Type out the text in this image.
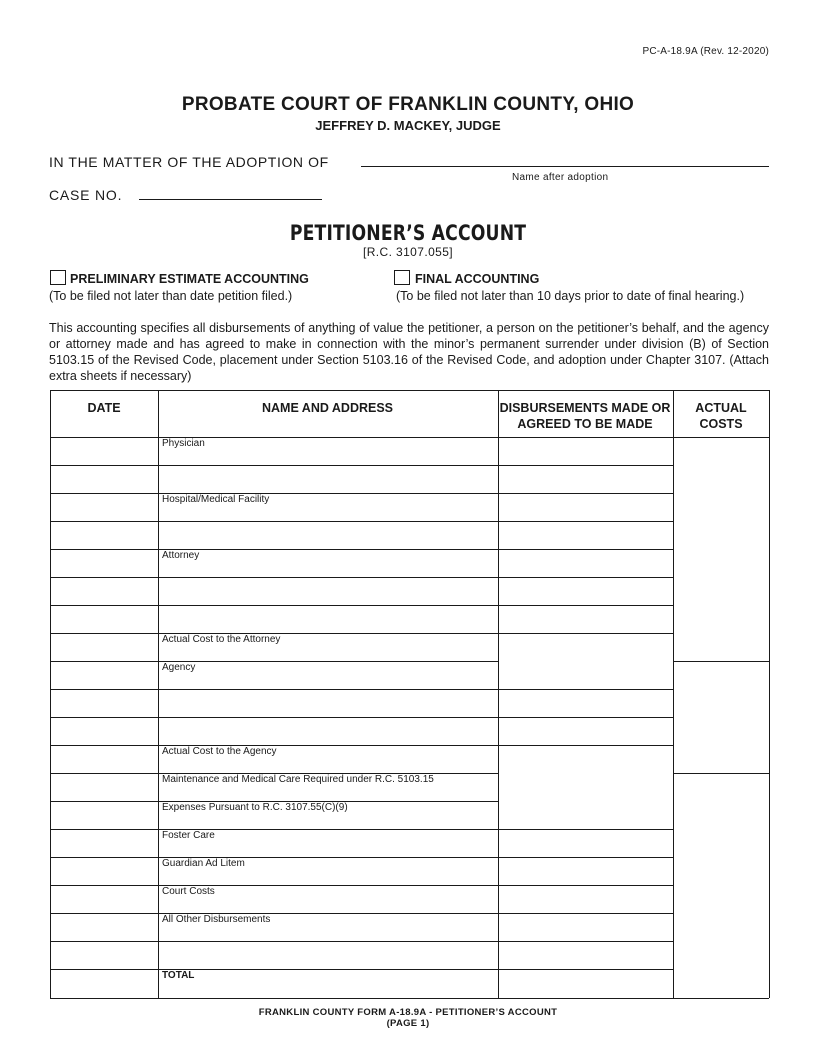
PC-A-18.9A (Rev. 12-2020)
PROBATE COURT OF FRANKLIN COUNTY, OHIO
JEFFREY D. MACKEY, JUDGE
IN THE MATTER OF THE ADOPTION OF
Name after adoption
CASE NO.
PETITIONER’S ACCOUNT
[R.C. 3107.055]
PRELIMINARY ESTIMATE ACCOUNTING
(To be filed not later than date petition filed.)
FINAL ACCOUNTING
(To be filed not later than 10 days prior to date of final hearing.)
This accounting specifies all disbursements of anything of value the petitioner, a person on the petitioner’s behalf, and the agency or attorney made and has agreed to make in connection with the minor’s permanent surrender under division (B) of Section 5103.15 of the Revised Code, placement under Section 5103.16 of the Revised Code, and adoption under Chapter 3107. (Attach extra sheets if necessary)
DATE	NAME AND ADDRESS	DISBURSEMENTS MADE OR AGREED TO BE MADE
ACTUAL COSTS
Physician
Hospital/Medical Facility
Attorney
Actual Cost to the Attorney
Agency
Actual Cost to the Agency
Maintenance and Medical Care Required under R.C. 5103.15
Expenses Pursuant to R.C. 3107.55(C)(9)
Foster Care
Guardian Ad Litem
Court Costs
All Other Disbursements
TOTAL
FRANKLIN COUNTY FORM A-18.9A - PETITIONER’S ACCOUNT
(PAGE 1)
